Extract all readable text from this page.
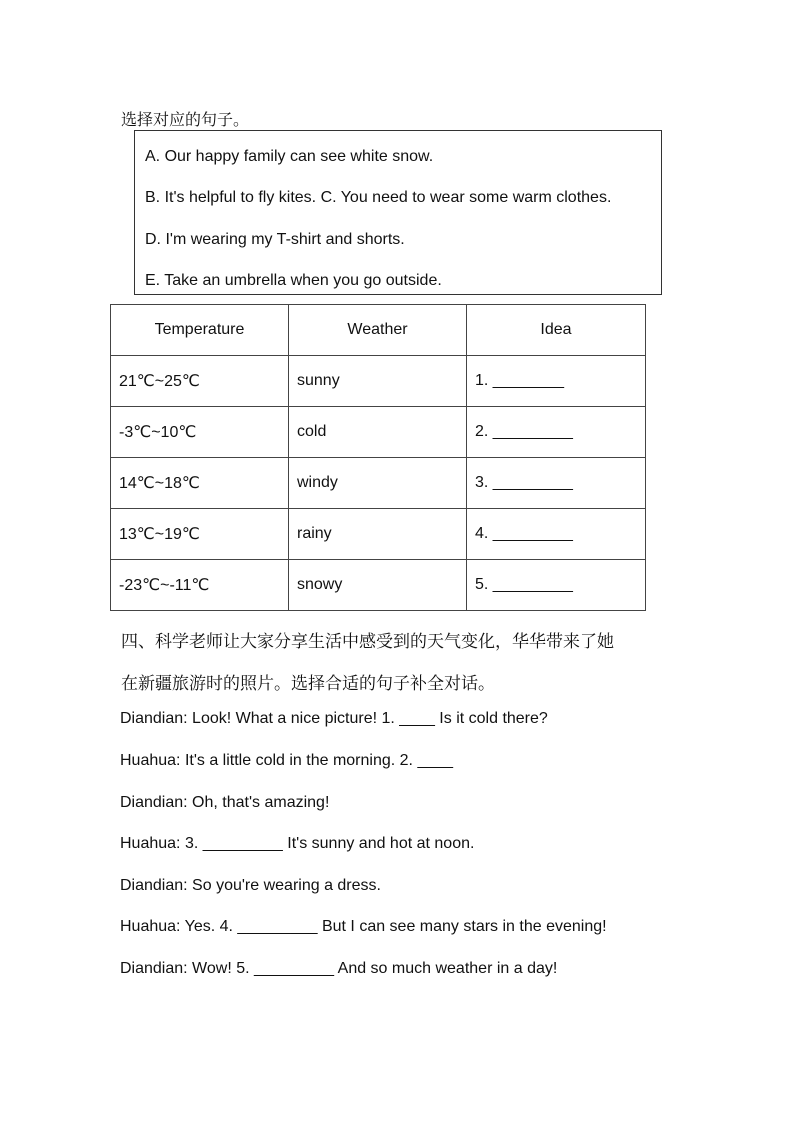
选择对应的句子。
A. Our happy family can see white snow.
B. It's helpful to fly kites. C. You need to wear some warm clothes.
D. I'm wearing my T-shirt and shorts.
E. Take an umbrella when you go outside.
Temperature	Weather	Idea
21℃~25℃	sunny	1. ________
-3℃~10℃	cold	2. _________
14℃~18℃	windy	3. _________
13℃~19℃	rainy	4. _________
-23℃~-11℃	snowy	5. _________
四、科学老师让大家分享生活中感受到的天气变化，华华带来了她
在新疆旅游时的照片。选择合适的句子补全对话。
Diandian: Look! What a nice picture! 1. ____ Is it cold there?
Huahua: It's a little cold in the morning. 2. ____
Diandian: Oh, that's amazing!
Huahua: 3. _________ It's sunny and hot at noon.
Diandian: So you're wearing a dress.
Huahua: Yes. 4. _________ But I can see many stars in the evening!
Diandian: Wow! 5. _________ And so much weather in a day!
